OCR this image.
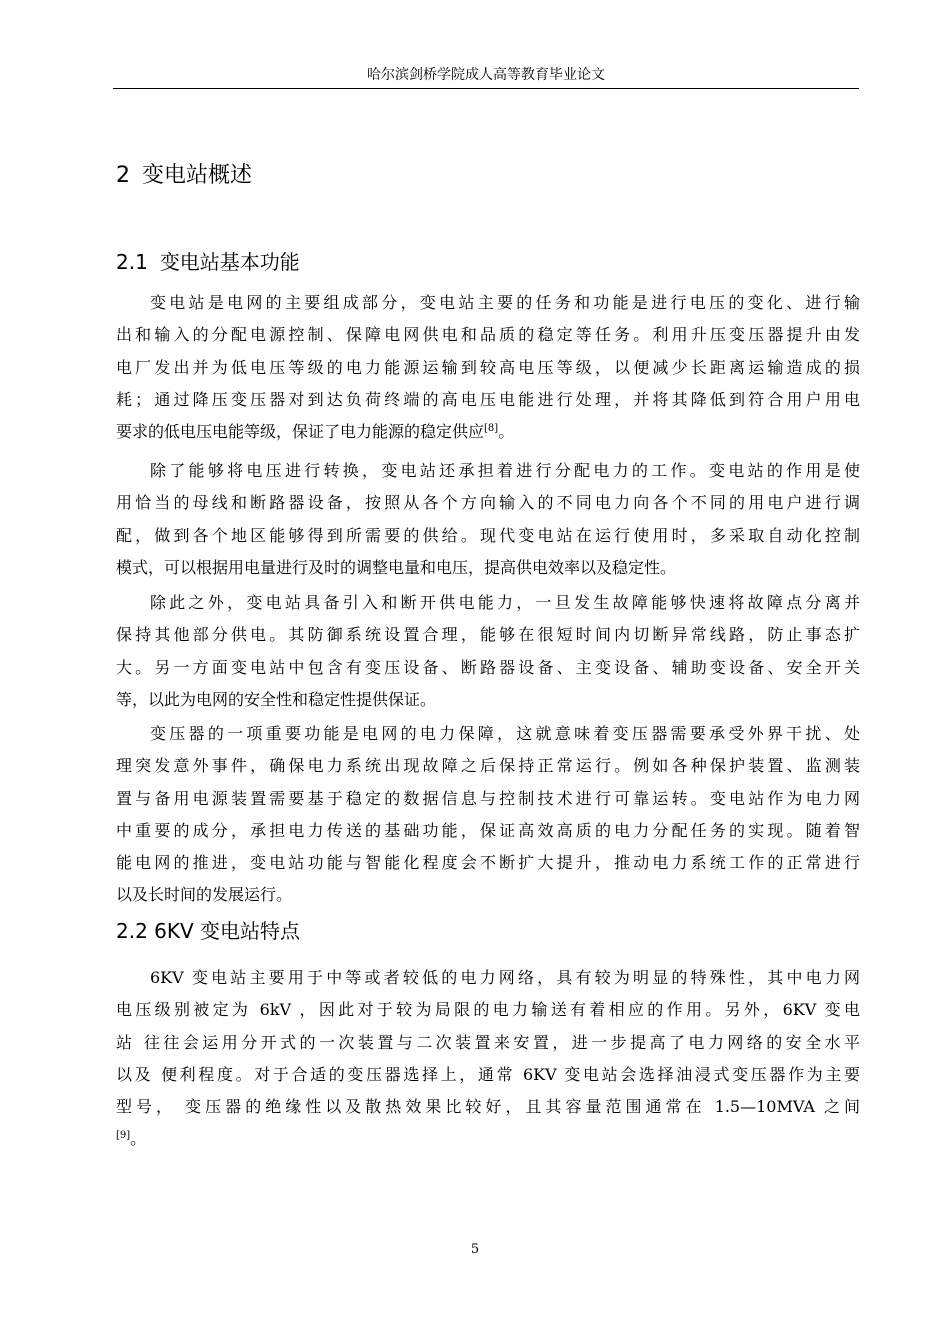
哈尔滨剑桥学院成人高等教育毕业论文
2 变电站概述
2.1 变电站基本功能

变电站是电网的主要组成部分，变电站主要的任务和功能是进行电压的变化、进行输
出和输入的分配电源控制、保障电网供电和品质的稳定等任务。利用升压变压器提升由发
电厂发出并为低电压等级的电力能源运输到较高电压等级，以便减少长距离运输造成的损
耗；通过降压变压器对到达负荷终端的高电压电能进行处理，并将其降低到符合用户用电
要求的低电压电能等级，保证了电力能源的稳定供应[8]。

除了能够将电压进行转换，变电站还承担着进行分配电力的工作。变电站的作用是使
用恰当的母线和断路器设备，按照从各个方向输入的不同电力向各个不同的用电户进行调
配，做到各个地区能够得到所需要的供给。现代变电站在运行使用时，多采取自动化控制
模式，可以根据用电量进行及时的调整电量和电压，提高供电效率以及稳定性。

除此之外，变电站具备引入和断开供电能力，一旦发生故障能够快速将故障点分离并
保持其他部分供电。其防御系统设置合理，能够在很短时间内切断异常线路，防止事态扩
大。另一方面变电站中包含有变压设备、断路器设备、主变设备、辅助变设备、安全开关
等，以此为电网的安全性和稳定性提供保证。

变压器的一项重要功能是电网的电力保障，这就意味着变压器需要承受外界干扰、处
理突发意外事件，确保电力系统出现故障之后保持正常运行。例如各种保护装置、监测装
置与备用电源装置需要基于稳定的数据信息与控制技术进行可靠运转。变电站作为电力网
中重要的成分，承担电力传送的基础功能，保证高效高质的电力分配任务的实现。随着智
能电网的推进，变电站功能与智能化程度会不断扩大提升，推动电力系统工作的正常进行
以及长时间的发展运行。

2.2 6KV 变电站特点

6KV 变电站主要用于中等或者较低的电力网络，具有较为明显的特殊性，其中电力网
电压级别被定为 6kV ，因此对于较为局限的电力输送有着相应的作用。另外，6KV 变电
站 往往会运用分开式的一次装置与二次装置来安置，进一步提高了电力网络的安全水平
以及 便利程度。对于合适的变压器选择上，通常 6KV 变电站会选择油浸式变压器作为主要
型号， 变压器的绝缘性以及散热效果比较好，且其容量范围通常在 1.5—10MVA 之间
[9]。

5
